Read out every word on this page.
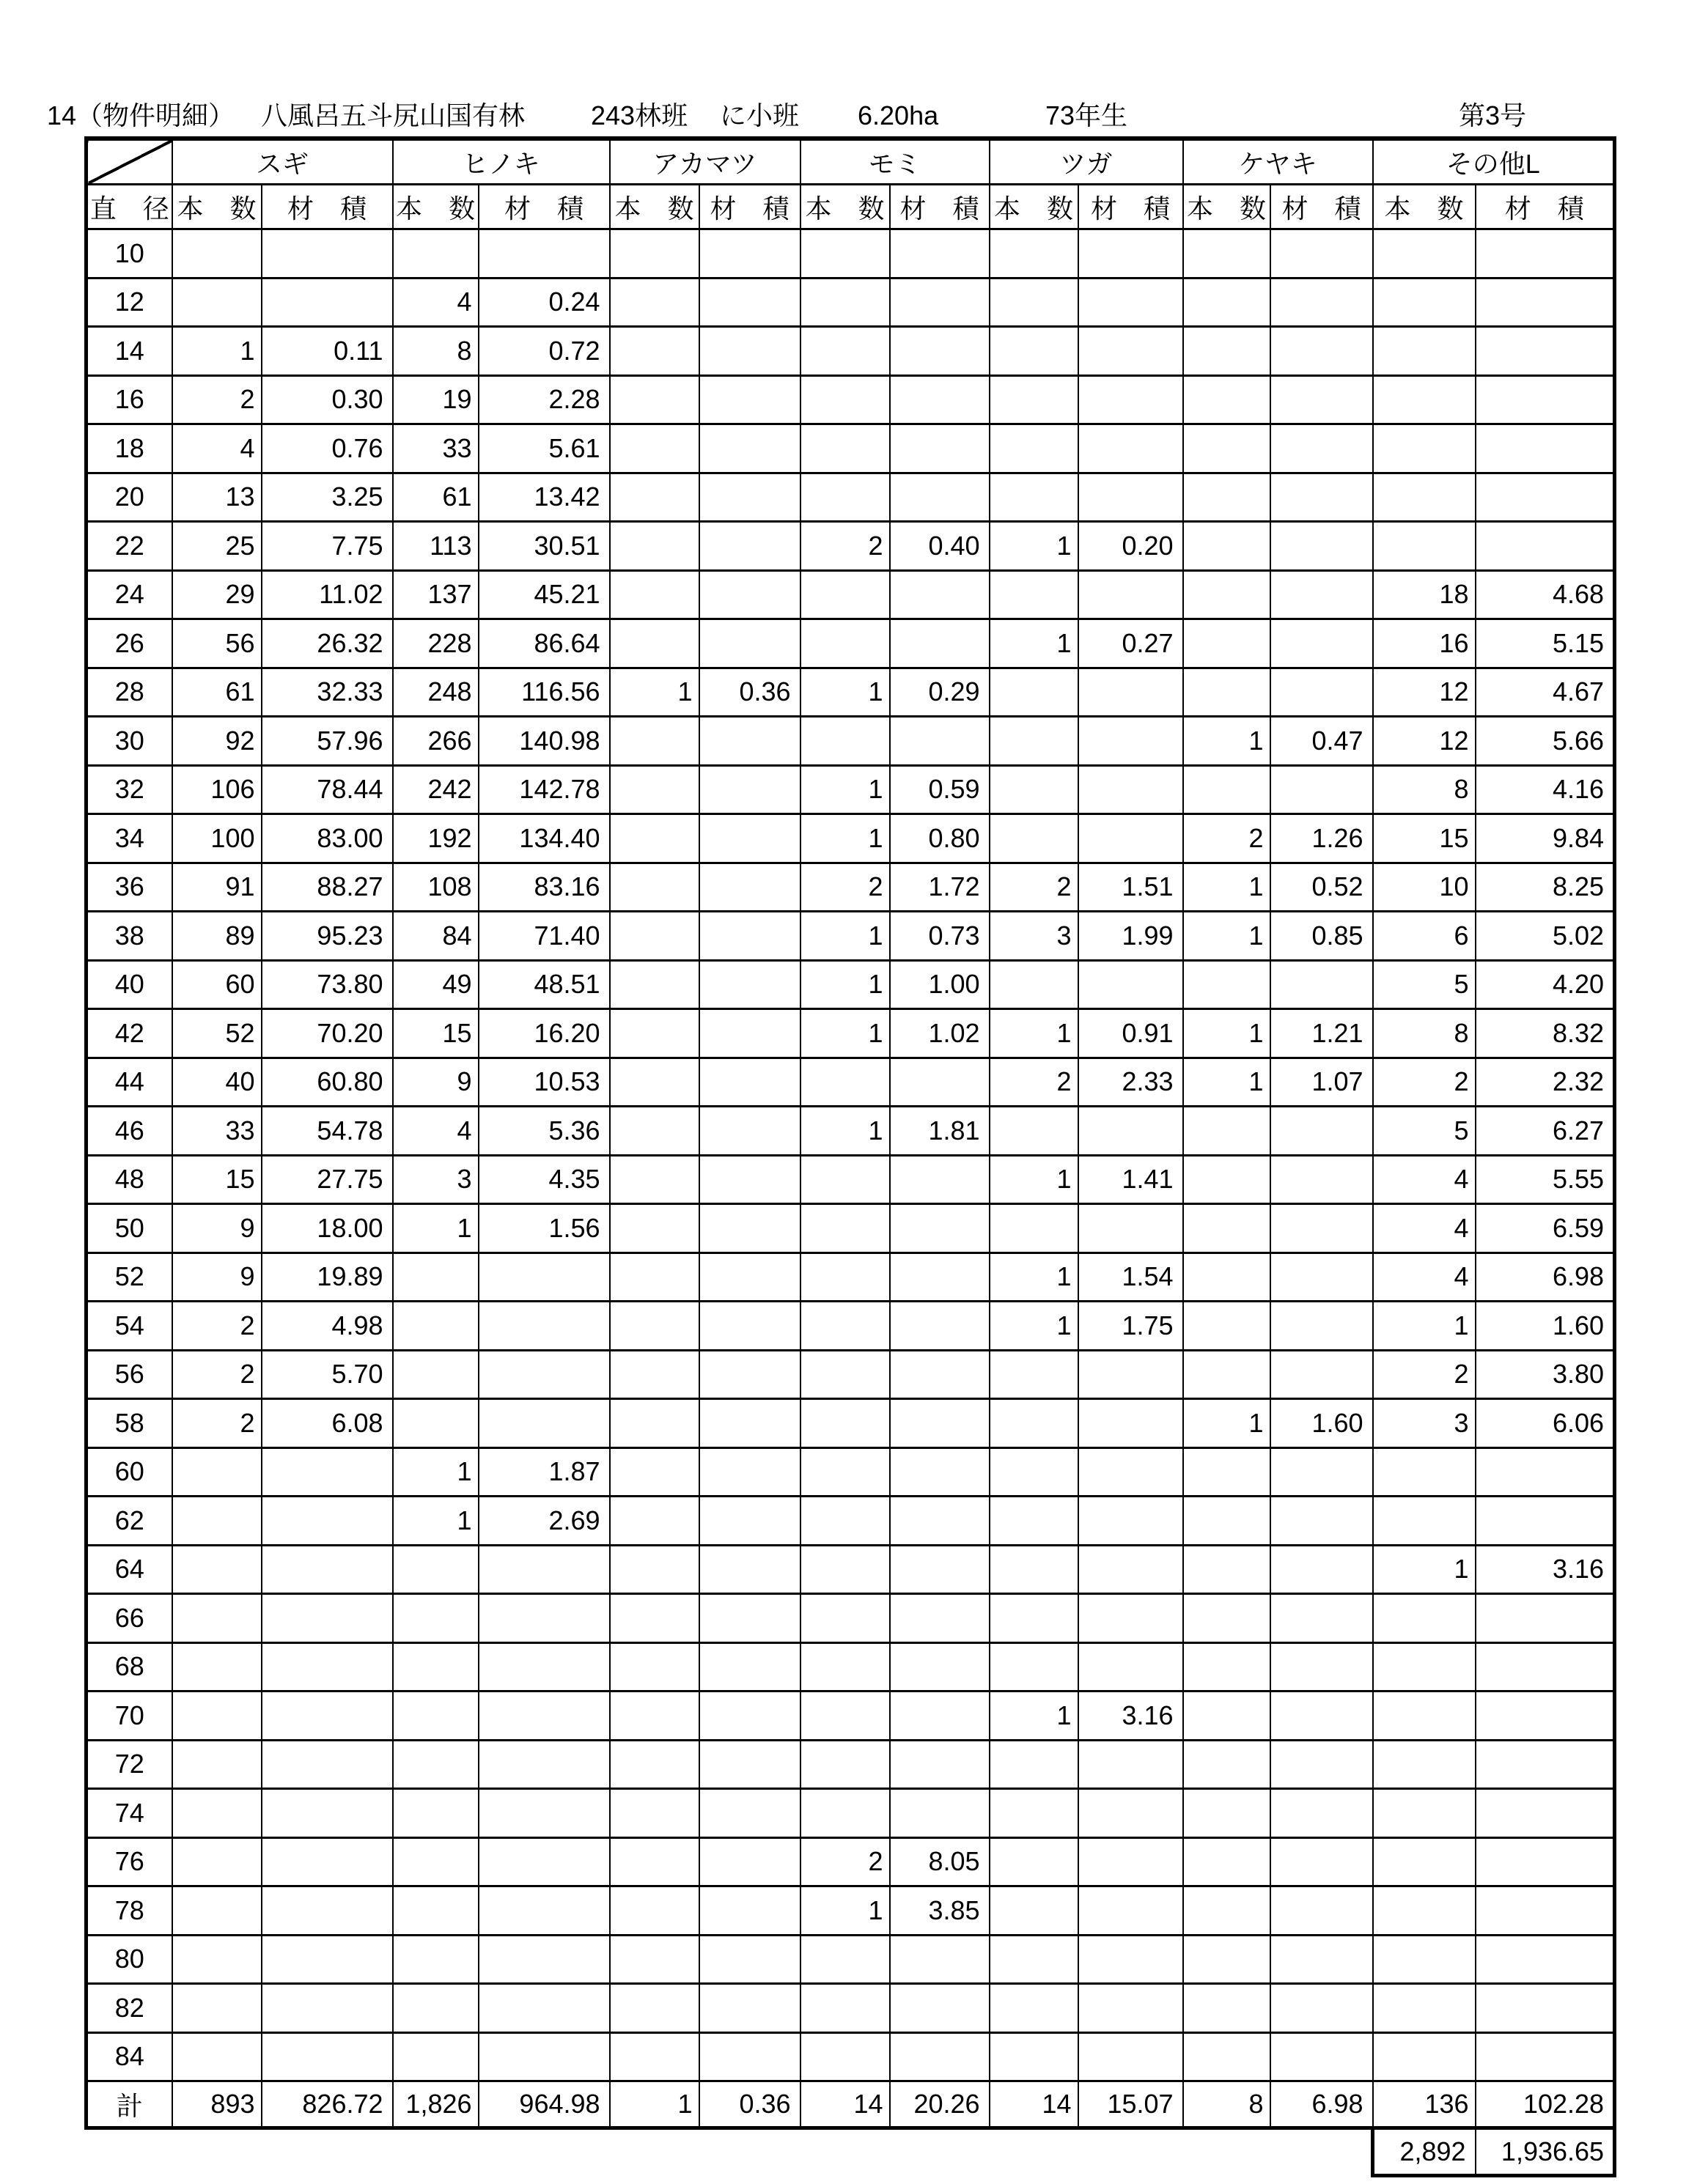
14（物件明細） 八風呂五斗尻山国有林 243林班 に小班 6.20ha	73年生	第3号
	スギ		ヒノキ		アカマツ		モミ		ツガ		ケヤキ		その他L	
直　径	本　数	材　積	本　数	材　積	本　数	材　積	本　数	材　積	本　数	材　積	本　数	材　積	本　数	材　積
10														
12			4	0.24										
14	1	0.11	8	0.72										
16	2	0.30	19	2.28										
18	4	0.76	33	5.61										
20	13	3.25	61	13.42										
22	25	7.75	113	30.51			2	0.40	1	0.20				
24	29	11.02	137	45.21									18	4.68
26	56	26.32	228	86.64					1	0.27			16	5.15
28	61	32.33	248	116.56	1	0.36	1	0.29					12	4.67
30	92	57.96	266	140.98							1	0.47	12	5.66
32	106	78.44	242	142.78			1	0.59					8	4.16
34	100	83.00	192	134.40			1	0.80			2	1.26	15	9.84
36	91	88.27	108	83.16			2	1.72	2	1.51	1	0.52	10	8.25
38	89	95.23	84	71.40			1	0.73	3	1.99	1	0.85	6	5.02
40	60	73.80	49	48.51			1	1.00					5	4.20
42	52	70.20	15	16.20			1	1.02	1	0.91	1	1.21	8	8.32
44	40	60.80	9	10.53					2	2.33	1	1.07	2	2.32
46	33	54.78	4	5.36			1	1.81					5	6.27
48	15	27.75	3	4.35					1	1.41			4	5.55
50	9	18.00	1	1.56									4	6.59
52	9	19.89							1	1.54			4	6.98
54	2	4.98							1	1.75			1	1.60
56	2	5.70											2	3.80
58	2	6.08									1	1.60	3	6.06
60			1	1.87										
62			1	2.69										
64													1	3.16
66														
68														
70									1	3.16				
72														
74														
76							2	8.05						
78							1	3.85						
80														
82														
84														
計	893	826.72	1,826	964.98	1	0.36	14	20.26	14	15.07	8	6.98	136	102.28
													2,892	1,936.65
